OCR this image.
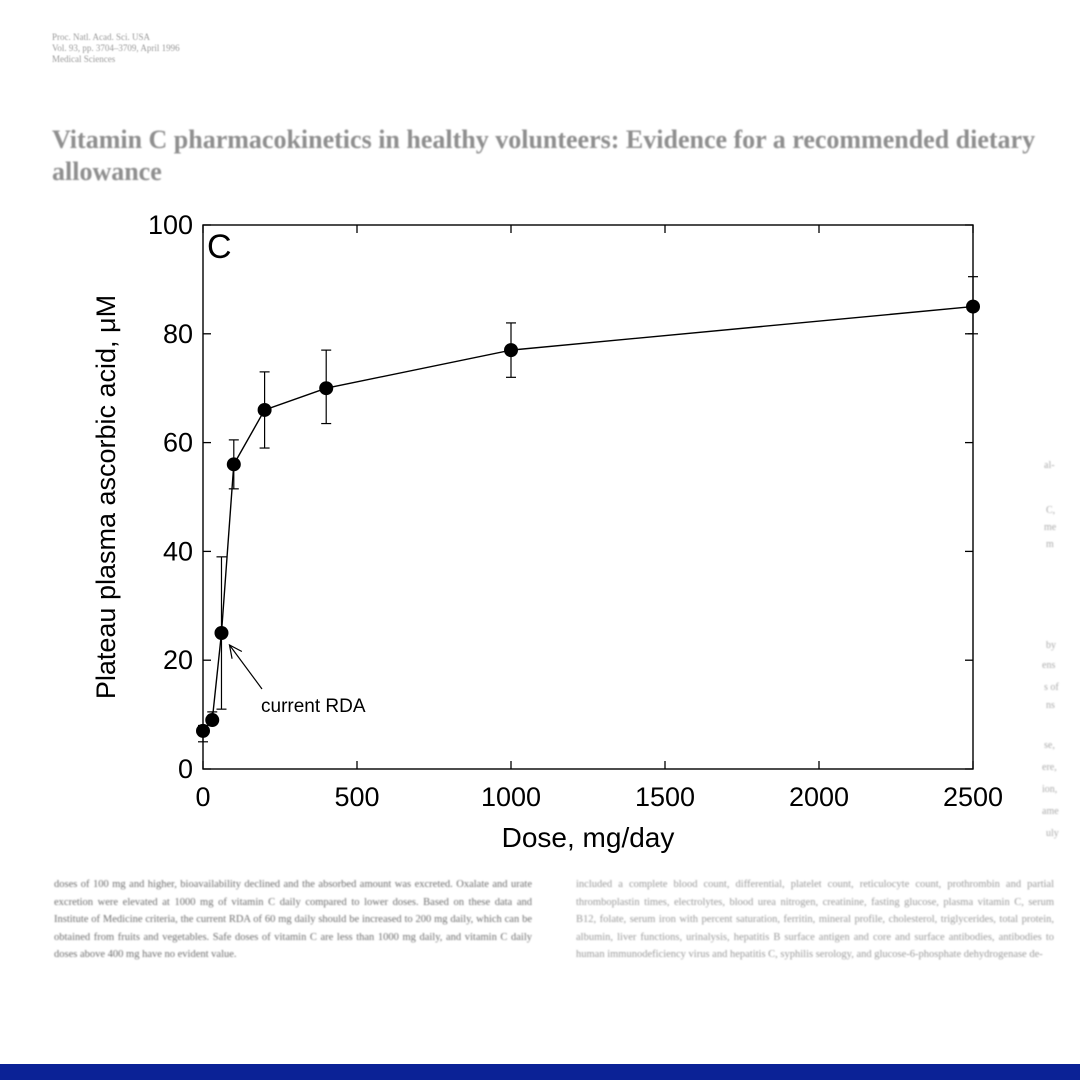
Proc. Natl. Acad. Sci. USA
Vol. 93, pp. 3704–3709, April 1996
Medical Sciences
Vitamin C pharmacokinetics in healthy volunteers: Evidence for a recommended dietary allowance
al-
C,
me
m
by
ens
s of
ns
se,
ere,
ion,
ame
uly
0	500	1000	1500	2000	2500
0
20
40
60
80
100
Dose, mg/day
Plateau plasma ascorbic acid, μM
C
current RDA

doses of 100 mg and higher, bioavailability declined and the absorbed amount was excreted. Oxalate and urate excretion were elevated at 1000 mg of vitamin C daily compared to lower doses. Based on these data and Institute of Medicine criteria, the current RDA of 60 mg daily should be increased to 200 mg daily, which can be obtained from fruits and vegetables. Safe doses of vitamin C are less than 1000 mg daily, and vitamin C daily doses above 400 mg have no evident value.

included a complete blood count, differential, platelet count, reticulocyte count, prothrombin and partial thromboplastin times, electrolytes, blood urea nitrogen, creatinine, fasting glucose, plasma vitamin C, serum B12, folate, serum iron with percent saturation, ferritin, mineral profile, cholesterol, triglycerides, total protein, albumin, liver functions, urinalysis, hepatitis B surface antigen and core and surface antibodies, antibodies to human immunodeficiency virus and hepatitis C, syphilis serology, and glucose-6-phosphate dehydrogenase de-
